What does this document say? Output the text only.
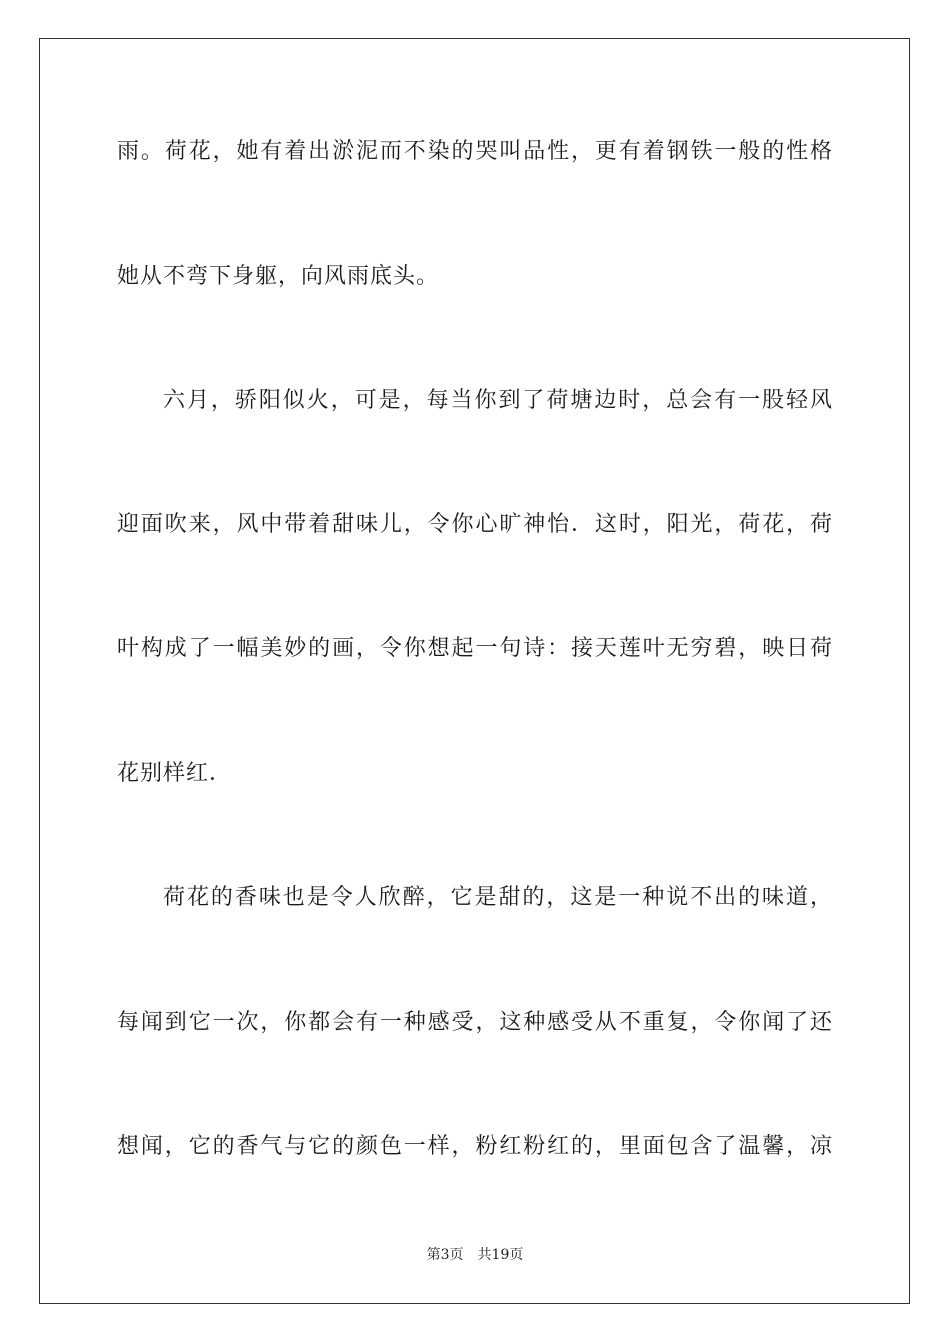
雨。荷花，她有着出淤泥而不染的哭叫品性，更有着钢铁一般的性格
她从不弯下身躯，向风雨底头。
六月，骄阳似火，可是，每当你到了荷塘边时，总会有一股轻风
迎面吹来，风中带着甜味儿，令你心旷神怡．这时，阳光，荷花，荷
叶构成了一幅美妙的画，令你想起一句诗：接天莲叶无穷碧，映日荷
花别样红．
荷花的香味也是令人欣醉，它是甜的，这是一种说不出的味道，
每闻到它一次，你都会有一种感受，这种感受从不重复，令你闻了还
想闻，它的香气与它的颜色一样，粉红粉红的，里面包含了温馨，凉
第3页 共19页
